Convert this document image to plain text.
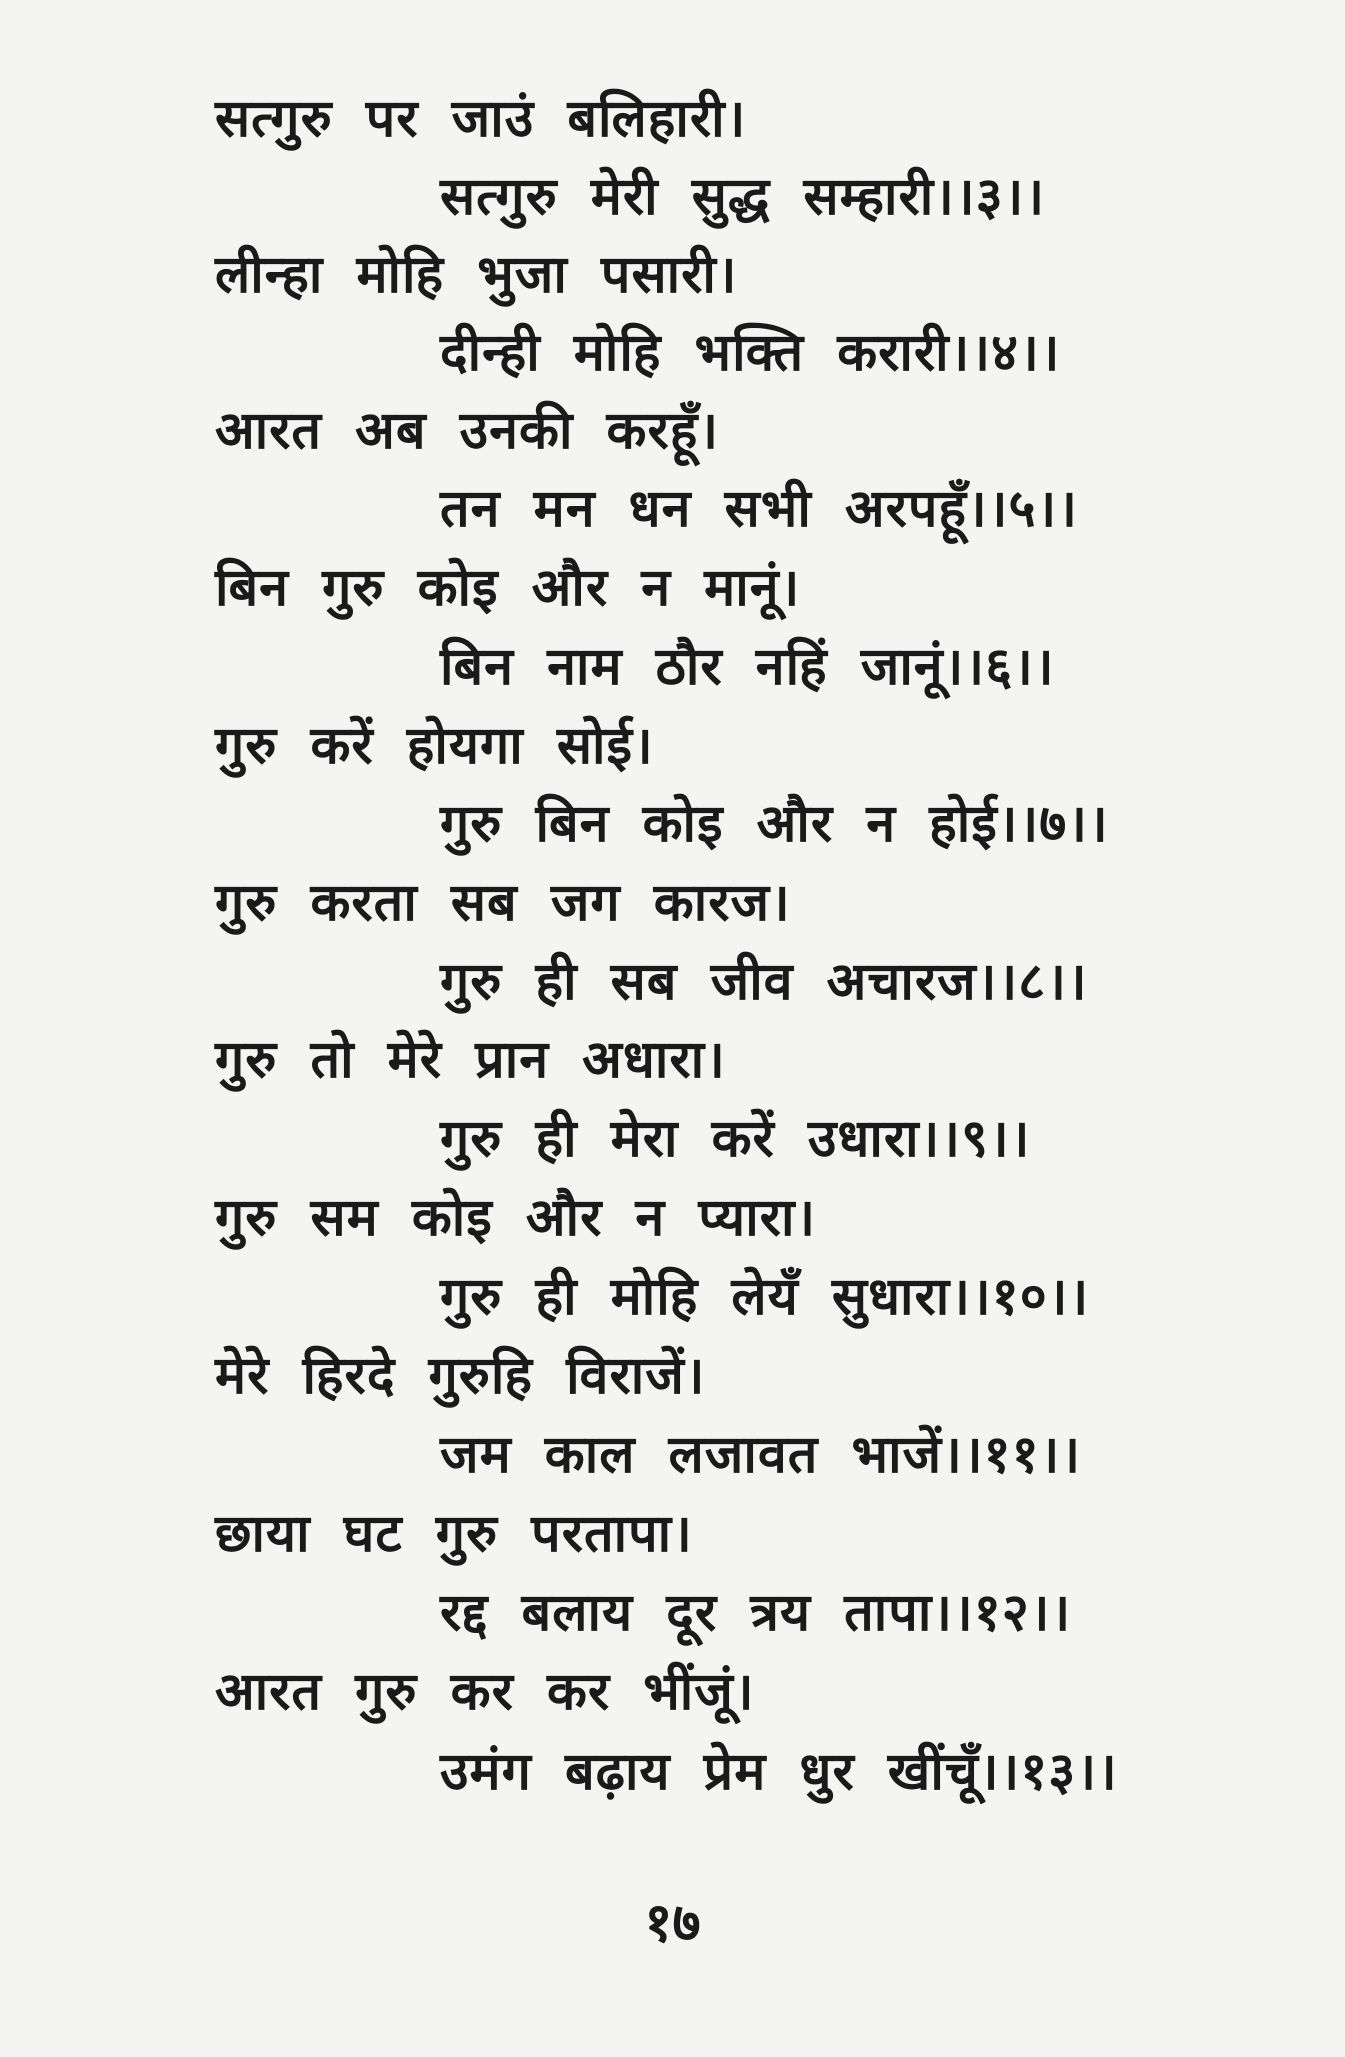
सत्गुरु पर जाउं बलिहारी।
सत्गुरु मेरी सुद्ध सम्हारी।।३।।
लीन्हा मोहि भुजा पसारी।
दीन्ही मोहि भक्ति करारी।।४।।
आरत अब उनकी करहूँ।
तन मन धन सभी अरपहूँ।।५।।
बिन गुरु कोइ और न मानूं।
बिन नाम ठौर नहिं जानूं।।६।।
गुरु करें होयगा सोई।
गुरु बिन कोइ और न होई।।७।।
गुरु करता सब जग कारज।
गुरु ही सब जीव अचारज।।८।।
गुरु तो मेरे प्रान अधारा।
गुरु ही मेरा करें उधारा।।९।।
गुरु सम कोइ और न प्यारा।
गुरु ही मोहि लेयँ सुधारा।।१०।।
मेरे हिरदे गुरुहि विराजें।
जम काल लजावत भाजें।।११।।
छाया घट गुरु परतापा।
रद्द बलाय दूर त्रय तापा।।१२।।
आरत गुरु कर कर भींजूं।
उमंग बढ़ाय प्रेम धुर खींचूँ।।१३।।
१७
